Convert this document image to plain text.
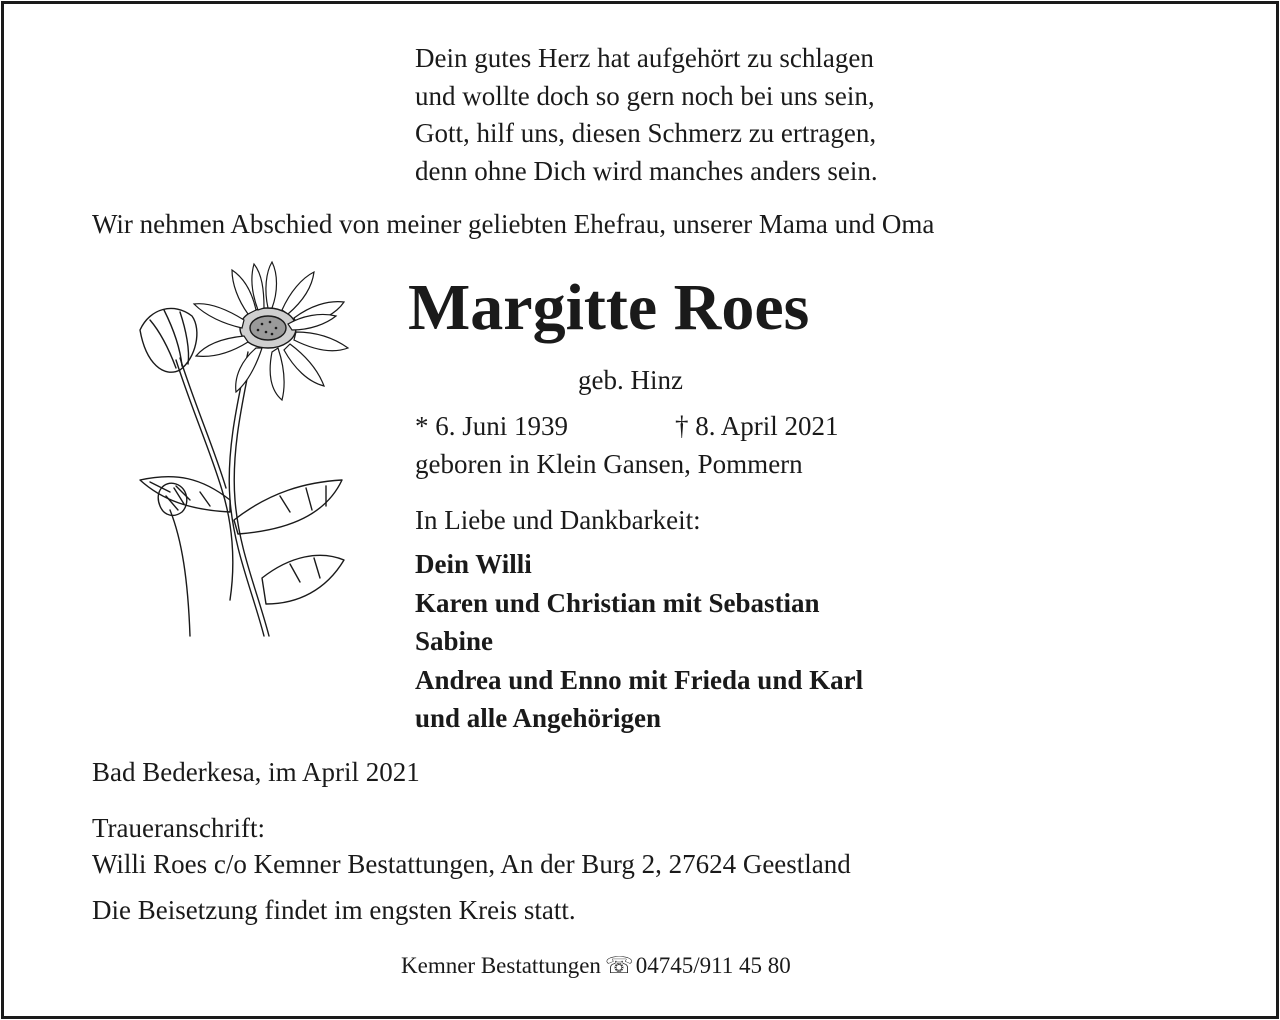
Dein gutes Herz hat aufgehört zu schlagen
und wollte doch so gern noch bei uns sein,
Gott, hilf uns, diesen Schmerz zu ertragen,
denn ohne Dich wird manches anders sein.
Wir nehmen Abschied von meiner geliebten Ehefrau, unserer Mama und Oma
Margitte Roes
geb. Hinz
* 6. Juni 1939	† 8. April 2021
geboren in Klein Gansen, Pommern
In Liebe und Dankbarkeit:
Dein Willi
Karen und Christian mit Sebastian
Sabine
Andrea und Enno mit Frieda und Karl
und alle Angehörigen
Bad Bederkesa, im April 2021
Traueranschrift:
Willi Roes c/o Kemner Bestattungen, An der Burg 2, 27624 Geestland
Die Beisetzung findet im engsten Kreis statt.
Kemner Bestattungen ☏04745/911 45 80
